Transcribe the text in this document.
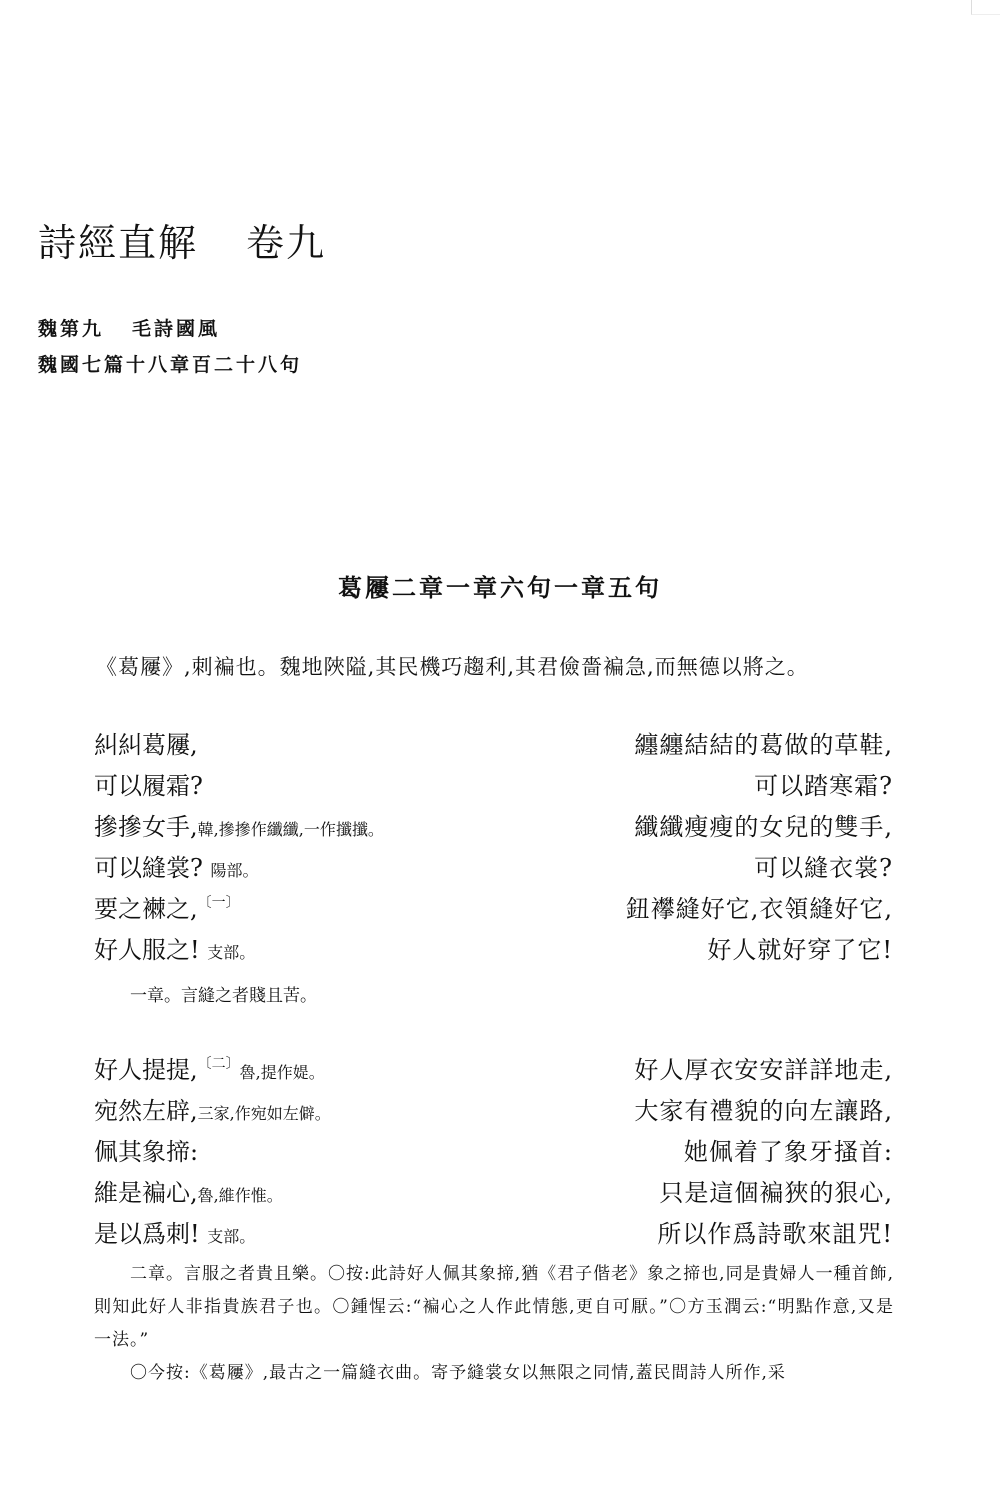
詩經直解 卷九
魏第九 毛詩國風
魏國七篇十八章百二十八句
葛屨二章一章六句一章五句
《葛屨》,刺褊也。魏地陜隘,其民機巧趨利,其君儉嗇褊急,而無德以將之。
糾糾葛屨,	纏纏結結的葛做的草鞋,
可以履霜?	可以踏寒霜?
摻摻女手,韓,摻摻作纖纖,一作攕攕。	纖纖瘦瘦的女兒的雙手,
可以縫裳? 陽部。	可以縫衣裳?
要之襋之,$^{〔一〕}$	鈕襻縫好它,衣領縫好它,
好人服之! 支部。	好人就好穿了它!
一章。言縫之者賤且苦。
好人提提,$^{〔二〕}$魯,提作媞。	好人厚衣安安詳詳地走,
宛然左辟,三家,作宛如左僻。	大家有禮貌的向左讓路,
佩其象揥:	她佩着了象牙搔首:
維是褊心,魯,維作惟。	只是這個褊狹的狠心,
是以爲刺! 支部。	所以作爲詩歌來詛咒!

二章。言服之者貴且樂。〇按:此詩好人佩其象揥,猶《君子偕老》象之揥也,同是貴婦人一種首飾,則知此好人非指貴族君子也。〇鍾惺云:“褊心之人作此情態,更自可厭。”〇方玉潤云:“明點作意,又是一法。”

〇今按:《葛屨》,最古之一篇縫衣曲。寄予縫裳女以無限之同情,蓋民間詩人所作,采
